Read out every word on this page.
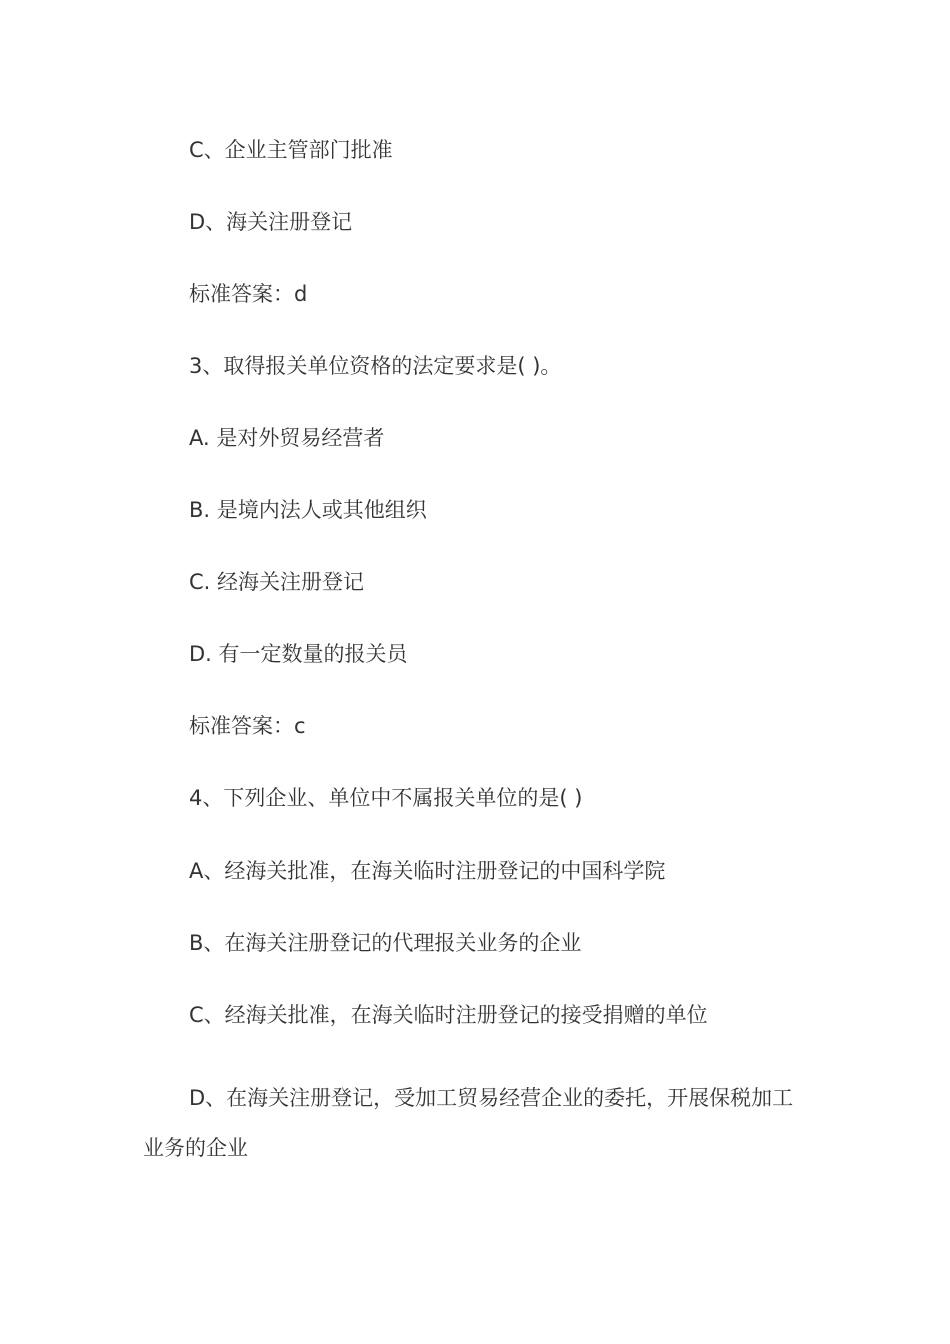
C、企业主管部门批准
D、海关注册登记
标准答案：d
3、取得报关单位资格的法定要求是( )。
A. 是对外贸易经营者
B. 是境内法人或其他组织
C. 经海关注册登记
D. 有一定数量的报关员
标准答案：c
4、下列企业、单位中不属报关单位的是( )
A、经海关批准，在海关临时注册登记的中国科学院
B、在海关注册登记的代理报关业务的企业
C、经海关批准，在海关临时注册登记的接受捐赠的单位
D、在海关注册登记，受加工贸易经营企业的委托，开展保税加工业务的企业
